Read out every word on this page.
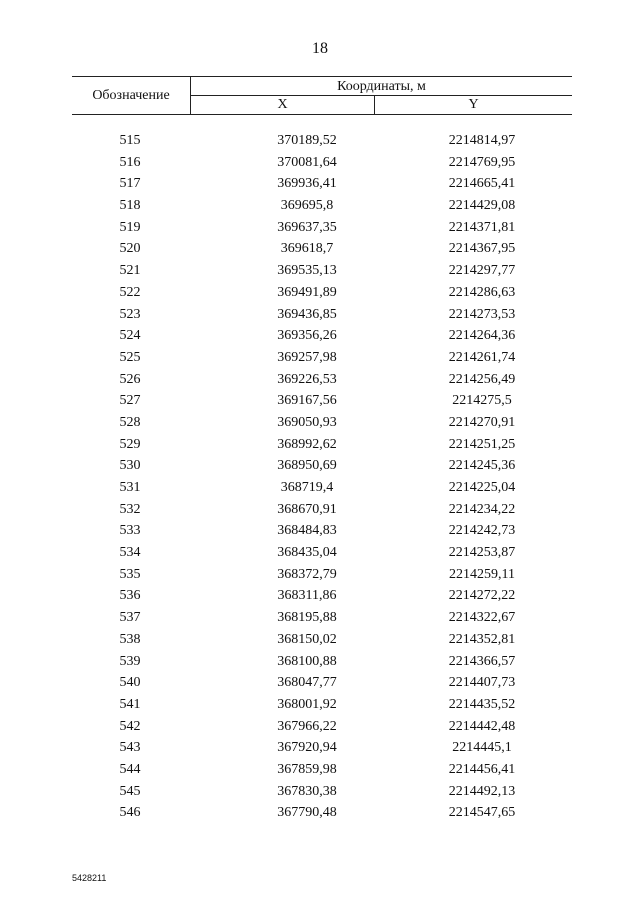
18
Обозначение
Координаты, м
X	Y
515	370189,52	2214814,97
516	370081,64	2214769,95
517	369936,41	2214665,41
518	369695,8	2214429,08
519	369637,35	2214371,81
520	369618,7	2214367,95
521	369535,13	2214297,77
522	369491,89	2214286,63
523	369436,85	2214273,53
524	369356,26	2214264,36
525	369257,98	2214261,74
526	369226,53	2214256,49
527	369167,56	2214275,5
528	369050,93	2214270,91
529	368992,62	2214251,25
530	368950,69	2214245,36
531	368719,4	2214225,04
532	368670,91	2214234,22
533	368484,83	2214242,73
534	368435,04	2214253,87
535	368372,79	2214259,11
536	368311,86	2214272,22
537	368195,88	2214322,67
538	368150,02	2214352,81
539	368100,88	2214366,57
540	368047,77	2214407,73
541	368001,92	2214435,52
542	367966,22	2214442,48
543	367920,94	2214445,1
544	367859,98	2214456,41
545	367830,38	2214492,13
546	367790,48	2214547,65
5428211
